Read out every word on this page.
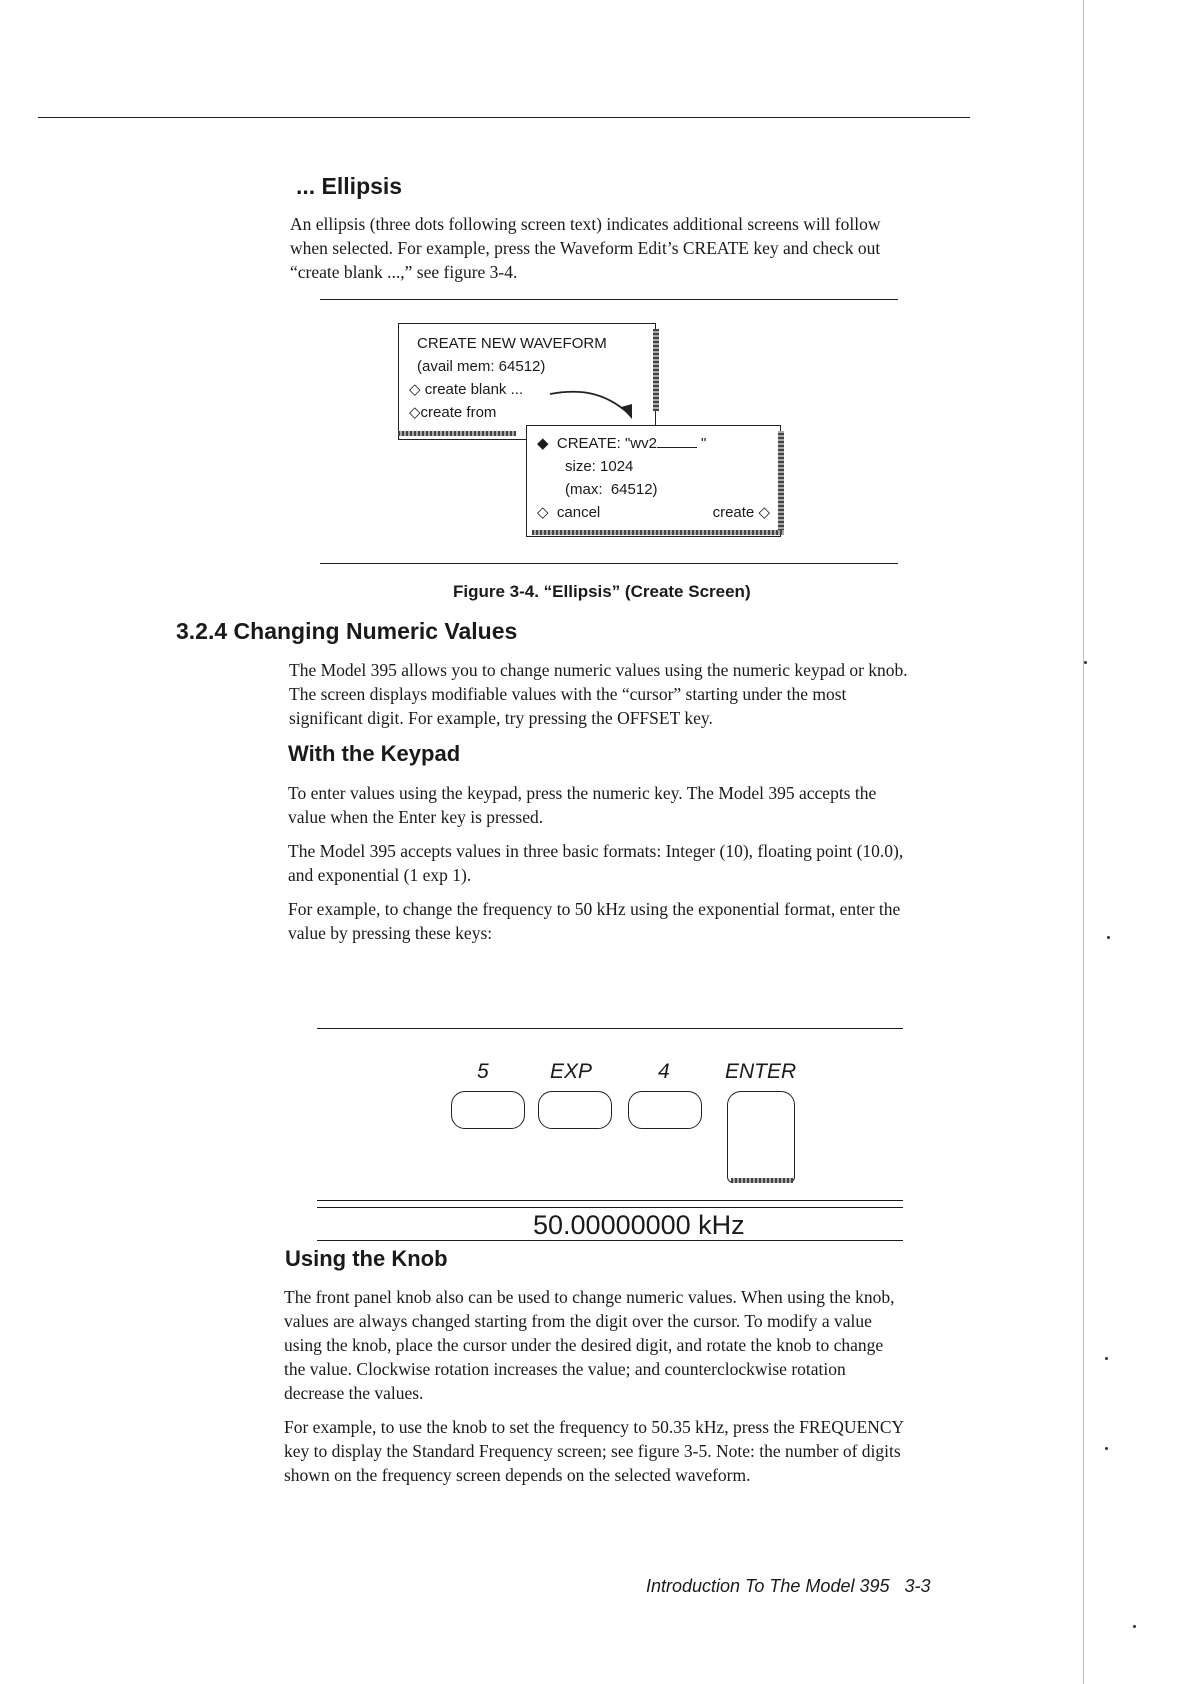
... Ellipsis
An ellipsis (three dots following screen text) indicates additional screens will follow
when selected. For example, press the Waveform Edit’s CREATE key and check out
“create blank ...,” see figure 3-4.
CREATE NEW WAVEFORM
(avail mem: 64512)
◇ create blank ...
◇create from
◆ CREATE: "wv2	"
size: 1024
(max:  64512)
◇ cancel	create ◇
Figure 3-4. “Ellipsis” (Create Screen)
3.2.4 Changing Numeric Values
The Model 395 allows you to change numeric values using the numeric keypad or knob.
The screen displays modifiable values with the “cursor” starting under the most
significant digit. For example, try pressing the OFFSET key.
With the Keypad

To enter values using the keypad, press the numeric key. The Model 395 accepts the
value when the Enter key is pressed.

The Model 395 accepts values in three basic formats: Integer (10), floating point (10.0),
and exponential (1 exp 1).

For example, to change the frequency to 50 kHz using the exponential format, enter the
value by pressing these keys:

5	EXP	4	ENTER
50.00000000 kHz
Using the Knob

The front panel knob also can be used to change numeric values. When using the knob,
values are always changed starting from the digit over the cursor. To modify a value
using the knob, place the cursor under the desired digit, and rotate the knob to change
the value. Clockwise rotation increases the value; and counterclockwise rotation
decrease the values.

For example, to use the knob to set the frequency to 50.35 kHz, press the FREQUENCY
key to display the Standard Frequency screen; see figure 3-5. Note: the number of digits
shown on the frequency screen depends on the selected waveform.

Introduction To The Model 395 3-3
